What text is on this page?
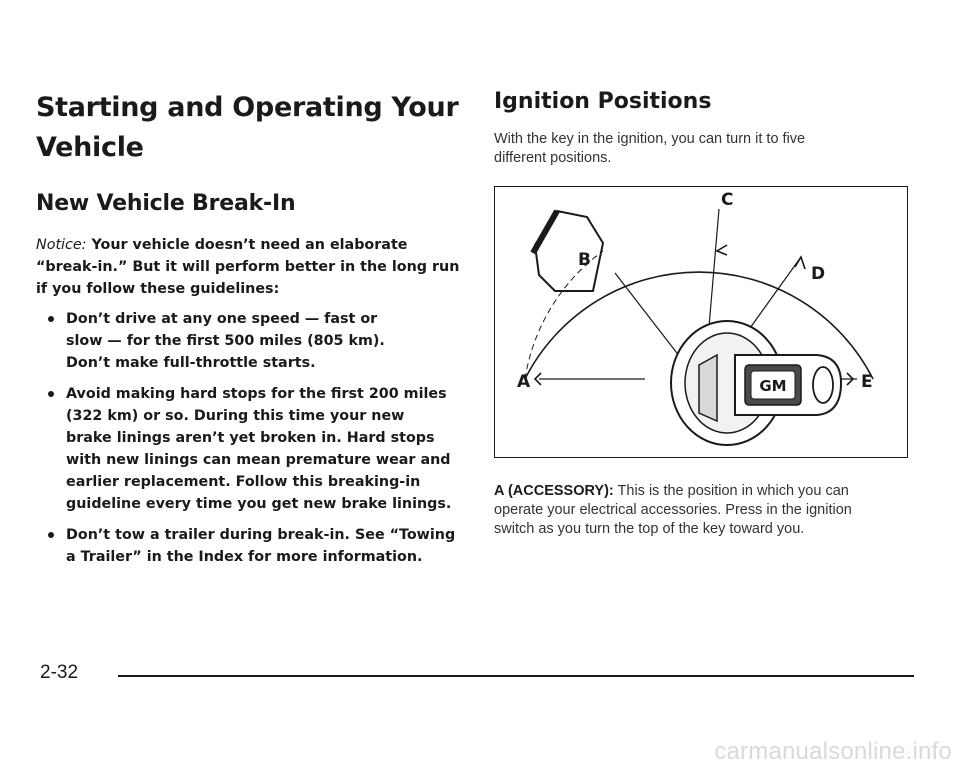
Starting and Operating Your
Vehicle
New Vehicle Break-In

Notice: Your vehicle doesn’t need an elaborate
“break-in.” But it will perform better in the long run
if you follow these guidelines:

Don’t drive at any one speed — fast or
slow — for the first 500 miles (805 km).
Don’t make full-throttle starts.
Avoid making hard stops for the first 200 miles
(322 km) or so. During this time your new
brake linings aren’t yet broken in. Hard stops
with new linings can mean premature wear and
earlier replacement. Follow this breaking-in
guideline every time you get new brake linings.
Don’t tow a trailer during break-in. See “Towing
a Trailer” in the Index for more information.
Ignition Positions

With the key in the ignition, you can turn it to five
different positions.

GM
A
B
C
D
E

A (ACCESSORY): This is the position in which you can
operate your electrical accessories. Press in the ignition
switch as you turn the top of the key toward you.

2-32
carmanualsonline.info
